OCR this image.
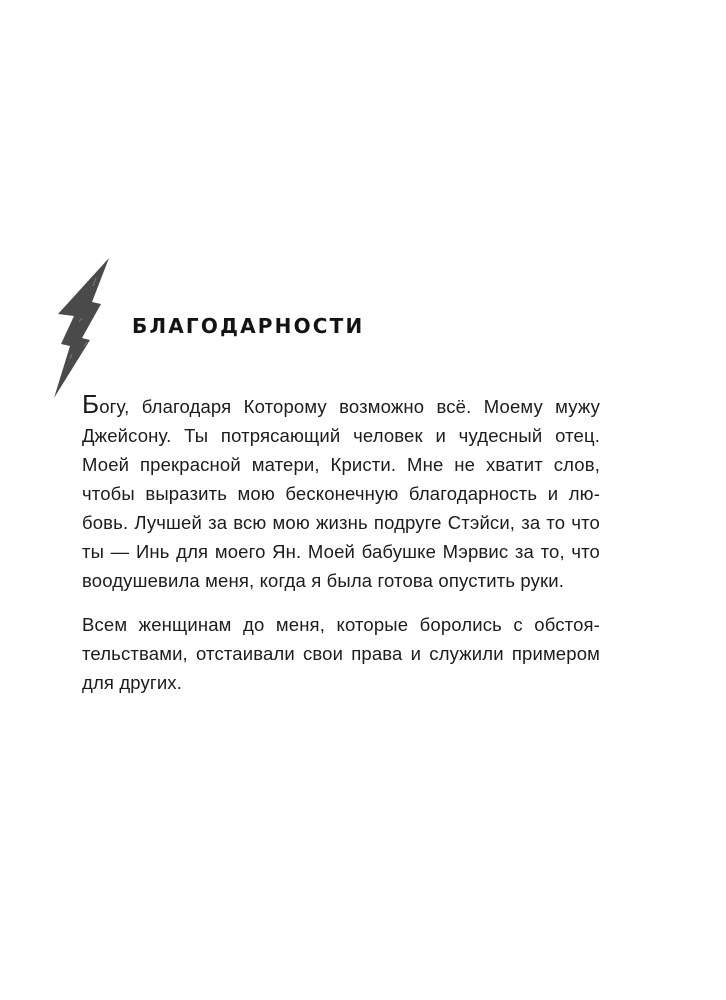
БЛАГОДАРНОСТИ

Богу, благодаря Которому возможно всё. Моему мужу
Джейсону. Ты потрясающий человек и чудесный отец.
Моей прекрасной матери, Кристи. Мне не хватит слов,
чтобы выразить мою бесконечную благодарность и лю-
бовь. Лучшей за всю мою жизнь подруге Стэйси, за то что
ты — Инь для моего Ян. Моей бабушке Мэрвис за то, что
воодушевила меня, когда я была готова опустить руки.

Всем женщинам до меня, которые боролись с обстоя-
тельствами, отстаивали свои права и служили примером
для других.
